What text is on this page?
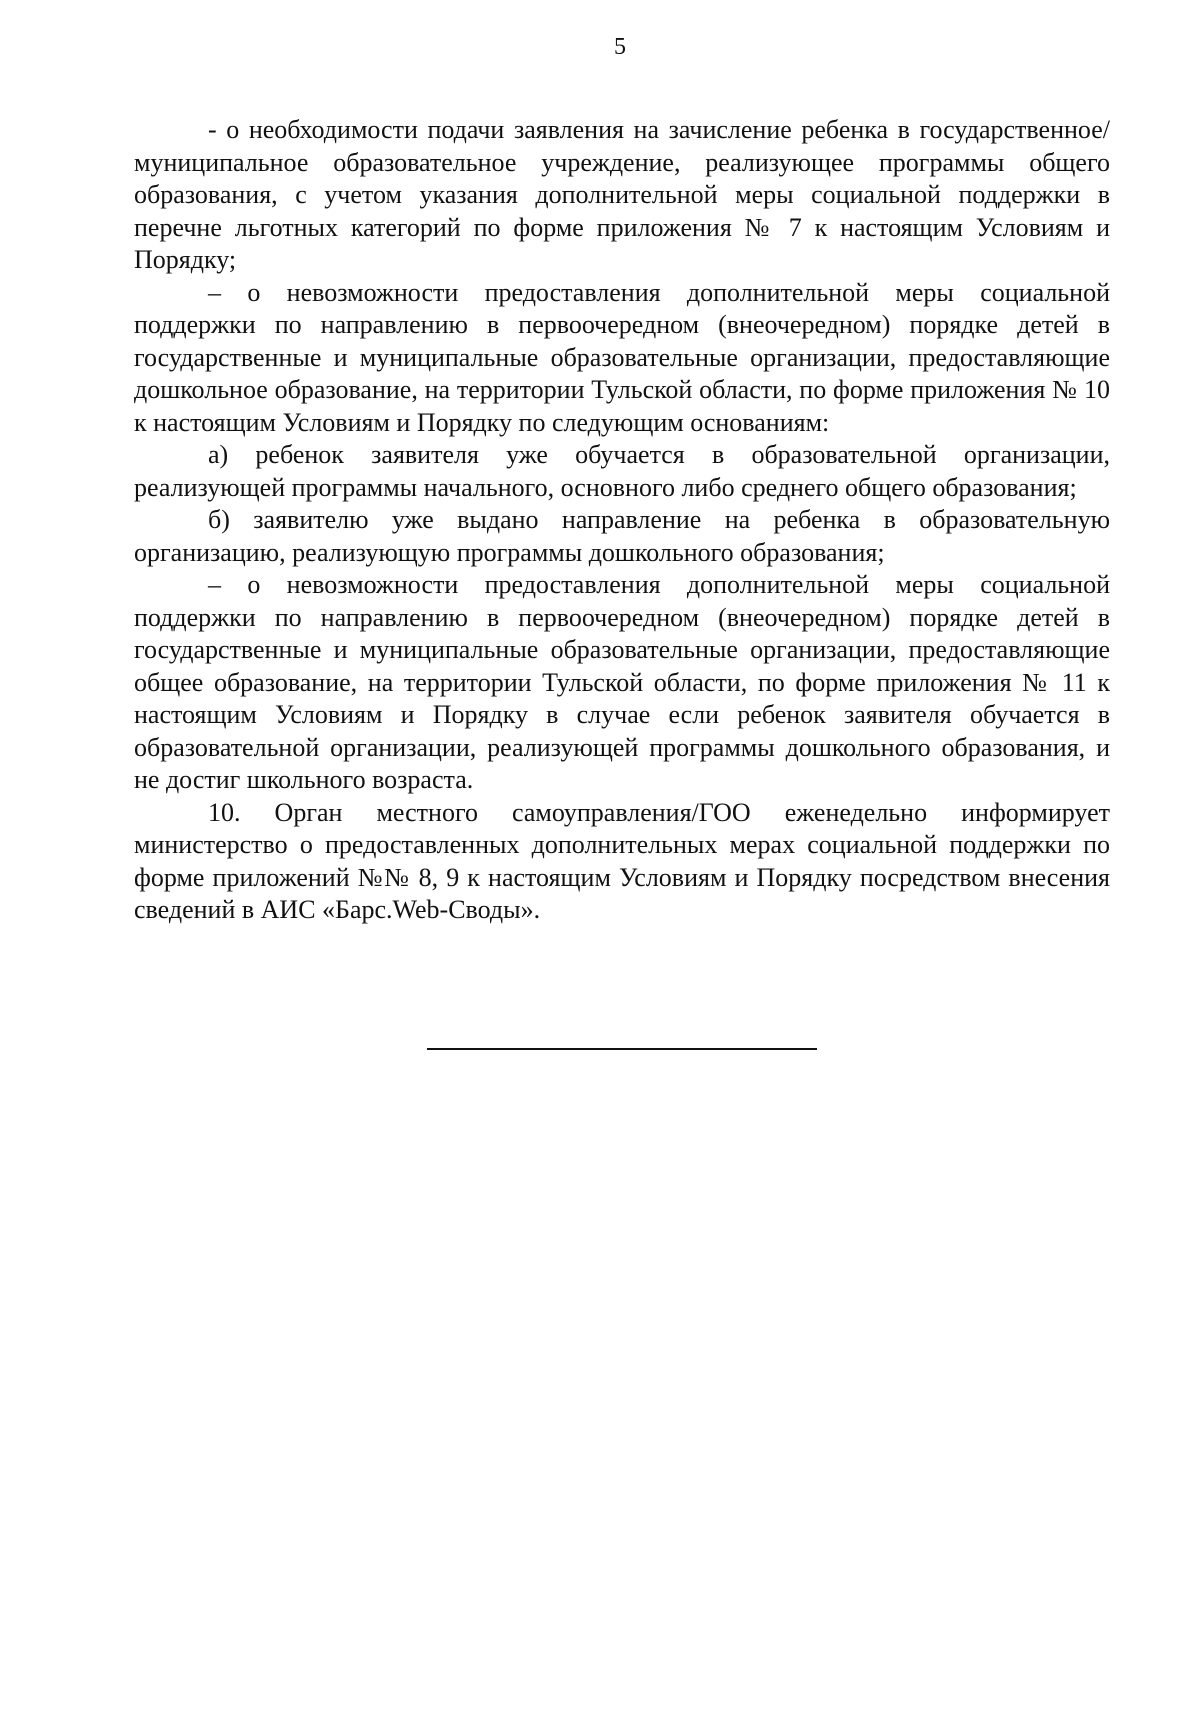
5

- о необходимости подачи заявления на зачисление ребенка в государственное/муниципальное образовательное учреждение, реализующее программы общего образования, с учетом указания дополнительной меры социальной поддержки в перечне льготных категорий по форме приложения № 7 к настоящим Условиям и Порядку;

– о невозможности предоставления дополнительной меры социальной поддержки по направлению в первоочередном (внеочередном) порядке детей в государственные и муниципальные образовательные организации, предоставляющие дошкольное образование, на территории Тульской области, по форме приложения № 10 к настоящим Условиям и Порядку по следующим основаниям:

а) ребенок заявителя уже обучается в образовательной организации, реализующей программы начального, основного либо среднего общего образования;

б) заявителю уже выдано направление на ребенка в образовательную организацию, реализующую программы дошкольного образования;

– о невозможности предоставления дополнительной меры социальной поддержки по направлению в первоочередном (внеочередном) порядке детей в государственные и муниципальные образовательные организации, предоставляющие общее образование, на территории Тульской области, по форме приложения № 11 к настоящим Условиям и Порядку в случае если ребенок заявителя обучается в образовательной организации, реализующей программы дошкольного образования, и не достиг школьного возраста.

10. Орган местного самоуправления/ГОО еженедельно информирует министерство о предоставленных дополнительных мерах социальной поддержки по форме приложений №№ 8, 9 к настоящим Условиям и Порядку посредством внесения сведений в АИС «Барс.Web-Своды».
